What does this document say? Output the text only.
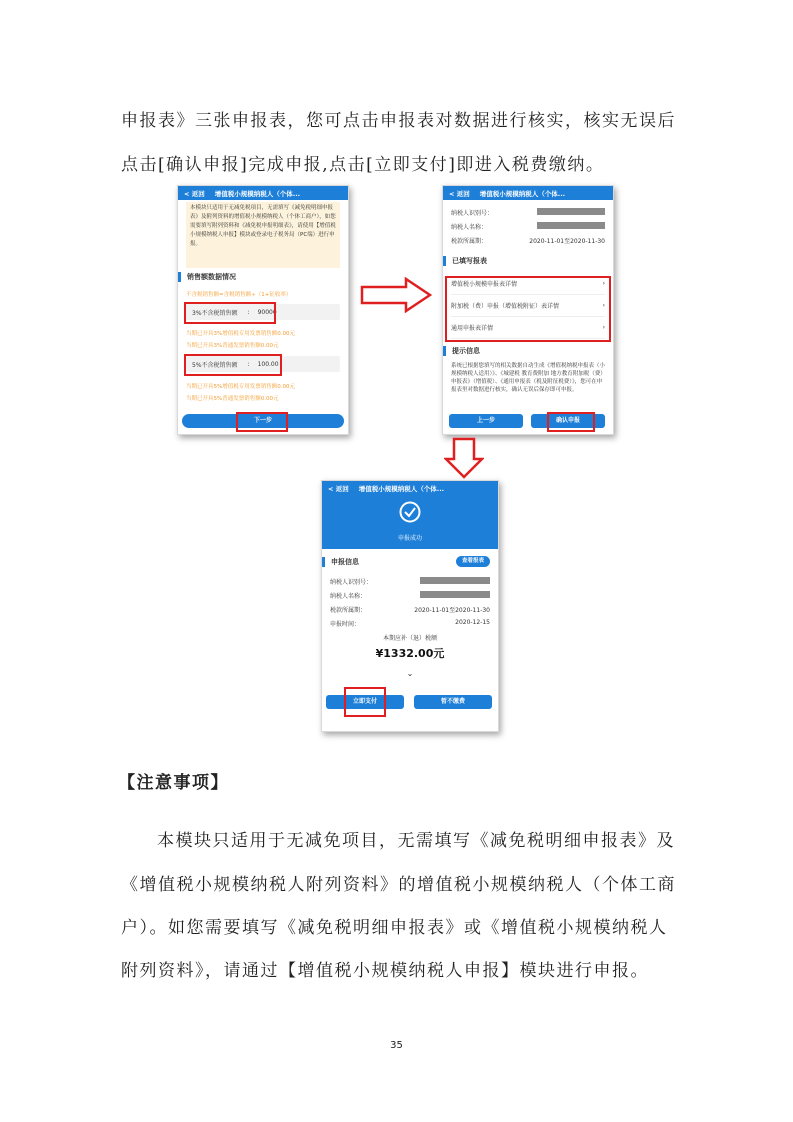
申报表》三张申报表，您可点击申报表对数据进行核实，核实无误后
点击[确认申报]完成申报,点击[立即支付]即进入税费缴纳。
< 返回 增值税小规模纳税人（个体...
本模块只适用于无减免税项目，无需填写《减免税明细申报表》及附列资料的增值税小规模纳税人（个体工商户），如您需要填写附列资料和《减免税申报明细表》，请使用【增值税小规模纳税人申报】模块或登录电子税务局（PC端）进行申报。
销售额数据情况
不含税销售额=含税销售额÷（1+征收率）
3%不含税销售额 : 90000
当期已开具3%增值税专用发票销售额0.00元
当期已开具3%普通发票销售额0.00元
5%不含税销售额 : 100.00
当期已开具5%增值税专用发票销售额0.00元
当期已开具5%普通发票销售额0.00元
下一步
< 返回 增值税小规模纳税人（个体...
纳税人识别号：
纳税人名称：
税款所属期：	2020-11-01至2020-11-30
已填写报表
增值税小规模申报表详情	›
附加税（费）申报（增值税附征）表详情	›
通用申报表详情	›
提示信息
系统已根据您填写的相关数据自动生成《增值税纳税申报表（小规模纳税人适用）》、《城建税 教育费附加 地方教育附加税（费）申报表》（增值税）、《通用申报表（税及附征税费）》，您可在申报表里对数据进行核实，确认无误后保存即可申报。
上一步	确认申报
< 返回 增值税小规模纳税人（个体...
申报成功
申报信息	查看报表
纳税人识别号：
纳税人名称：
税款所属期：	2020-11-01至2020-11-30
申报时间：	2020-12-15
本期应补（退）税额
¥1332.00元
⌄
立即支付	暂不缴费
【注意事项】
本模块只适用于无减免项目，无需填写《减免税明细申报表》及
《增值税小规模纳税人附列资料》的增值税小规模纳税人（个体工商
户）。如您需要填写《减免税明细申报表》或《增值税小规模纳税人
附列资料》，请通过【增值税小规模纳税人申报】模块进行申报。
35
